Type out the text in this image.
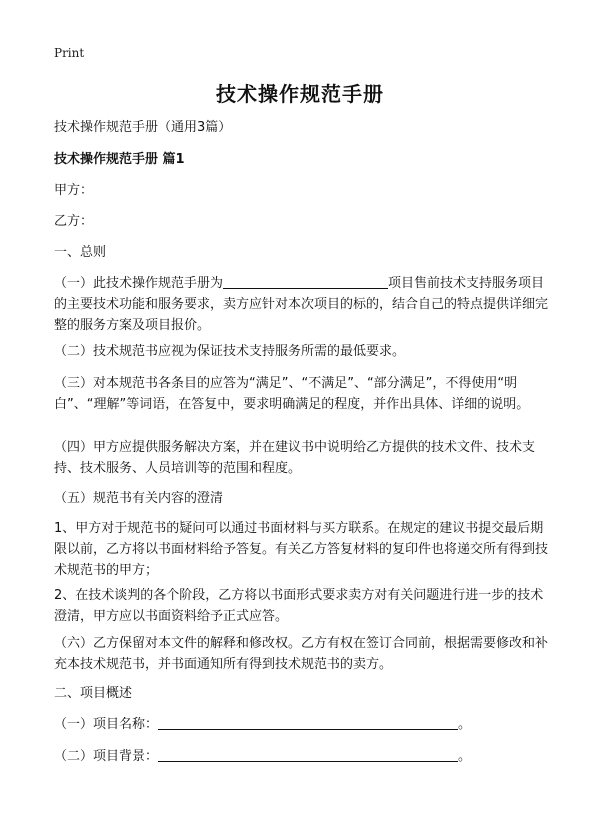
Print
技术操作规范手册
技术操作规范手册（通用3篇）
技术操作规范手册 篇1
甲方：
乙方：
一、总则
（一）此技术操作规范手册为	项目售前技术支持服务项目的主要技术功能和服务要求，卖方应针对本次项目的标的，结合自己的特点提供详细完整的服务方案及项目报价。
（二）技术规范书应视为保证技术支持服务所需的最低要求。
（三）对本规范书各条目的应答为“满足”、“不满足”、“部分满足”，不得使用“明白”、“理解”等词语，在答复中，要求明确满足的程度，并作出具体、详细的说明。
（四）甲方应提供服务解决方案，并在建议书中说明给乙方提供的技术文件、技术支持、技术服务、人员培训等的范围和程度。
（五）规范书有关内容的澄清
1、甲方对于规范书的疑问可以通过书面材料与买方联系。在规定的建议书提交最后期限以前，乙方将以书面材料给予答复。有关乙方答复材料的复印件也将递交所有得到技术规范书的甲方；
2、在技术谈判的各个阶段，乙方将以书面形式要求卖方对有关问题进行进一步的技术澄清，甲方应以书面资料给予正式应答。
（六）乙方保留对本文件的解释和修改权。乙方有权在签订合同前，根据需要修改和补充本技术规范书，并书面通知所有得到技术规范书的卖方。
二、项目概述
（一）项目名称：	。
（二）项目背景：	。
